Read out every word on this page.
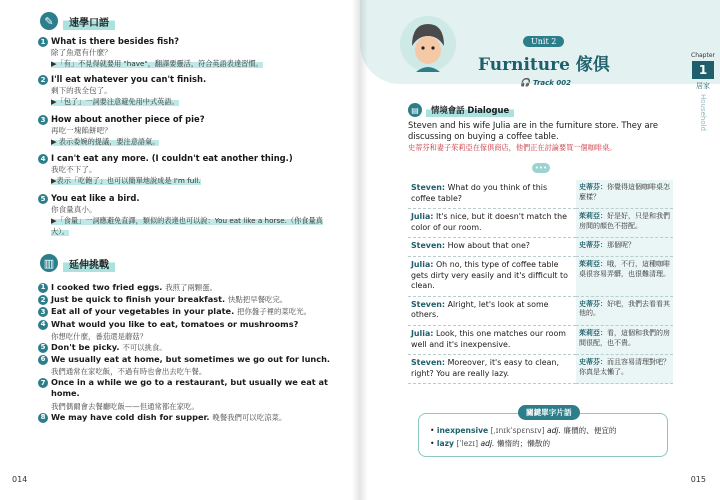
✎	速學口語
1 What is there besides fish?
除了魚還有什麼？
▶「有」不見得就要用 "have"，翻譯要靈活，符合英語表達習慣。
2 I'll eat whatever you can't finish.
剩下的我全包了。
▶「包了」一詞要注意避免用中式英語。
3 How about another piece of pie?
再吃一塊餡餅吧？
▶ 表示委婉的提議，要注意語氣。
4 I can't eat any more. (I couldn't eat another thing.)
我吃不下了。
▶表示「吃飽了」也可以簡單地說成是 I'm full.
5 You eat like a bird.
你食量真小。
▶「食量」一詞應避免直譯，類似的表達也可以說：You eat like a horse.（你食量真大）。
▥	延伸挑戰
1 I cooked two fried eggs. 我煎了兩顆蛋。
2 Just be quick to finish your breakfast. 快點把早餐吃完。
3 Eat all of your vegetables in your plate. 把你盤子裡的菜吃光。
4 What would you like to eat, tomatoes or mushrooms?
你想吃什麼，番茄還是蘑菇？
5 Don't be picky. 不可以挑食。
6 We usually eat at home, but sometimes we go out for lunch.
我們通常在家吃飯，不過有時也會出去吃午餐。
7 Once in a while we go to a restaurant, but usually we eat at home.
我們偶爾會去餐廳吃飯——但通常都在家吃。
8 We may have cold dish for supper. 晚餐我們可以吃涼菜。
014
Unit 2
Furniture 傢俱
🎧 Track 002
Chapter
1
居家
Household
▤	情境會話 Dialogue
Steven and his wife Julia are in the furniture store. They are discussing on buying a coffee table.
史蒂芬和妻子茱莉亞在傢俱商店，他們正在討論要買一個咖啡桌。
•••
Steven: What do you think of this coffee table?	史蒂芬：你覺得這個咖啡桌怎麼樣？
Julia: It's nice, but it doesn't match the color of our room.	茱莉亞：好是好，只是和我們房間的顏色不搭配。
Steven: How about that one?	史蒂芬：那個呢？
Julia: Oh no, this type of coffee table gets dirty very easily and it's difficult to clean.	茱莉亞：哦，不行，這種咖啡桌很容易弄髒，也很難清理。
Steven: Alright, let's look at some others.	史蒂芬：好吧，我們去看看其他的。
Julia: Look, this one matches our room well and it's inexpensive.	茱莉亞：看，這個和我們的房間很配，也不貴。
Steven: Moreover, it's easy to clean, right? You are really lazy.	史蒂芬：而且容易清理對吧？你真是太懶了。
關鍵單字片語
• inexpensive [ˌɪnɪkˈspɛnsɪv] adj. 廉價的、便宜的
• lazy [ˈlezɪ] adj. 懶惰的；懶散的
015
